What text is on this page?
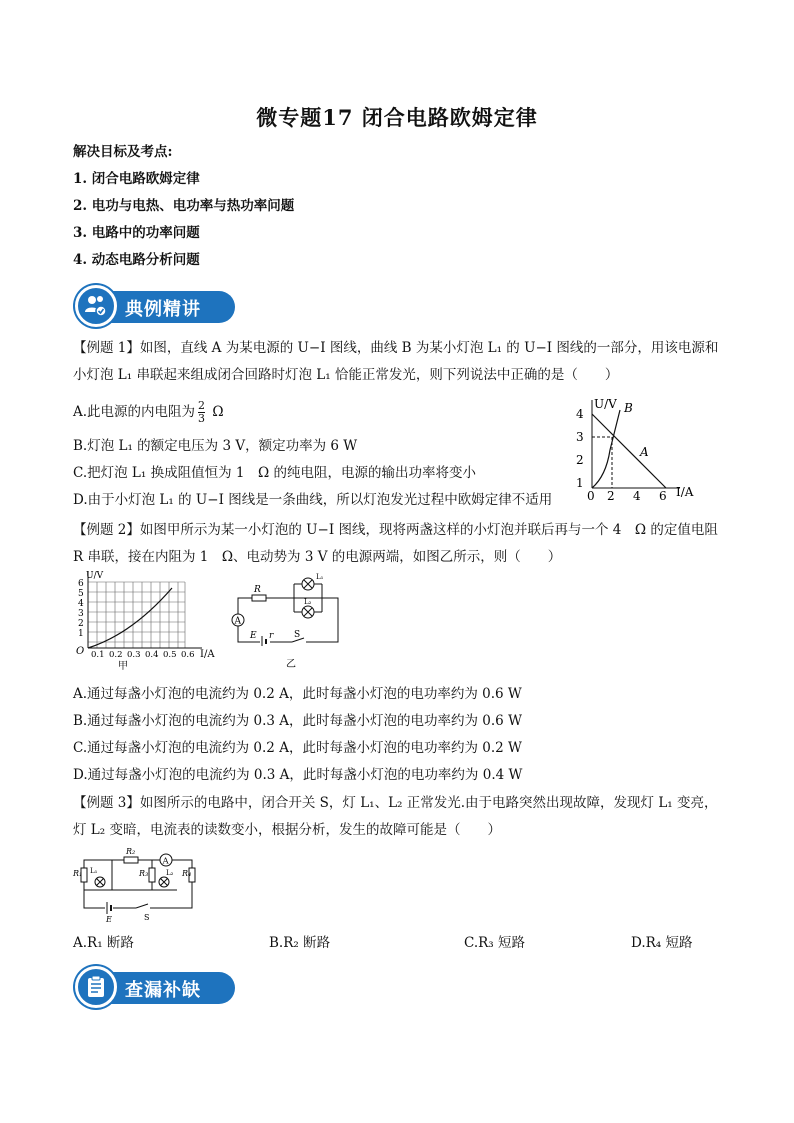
微专题17 闭合电路欧姆定律
解决目标及考点:
1. 闭合电路欧姆定律
2. 电功与电热、电功率与热功率问题
3. 电路中的功率问题
4. 动态电路分析问题
典例精讲
【例题 1】如图，直线 A 为某电源的 U−I 图线，曲线 B 为某小灯泡 L₁ 的 U−I 图线的一部分，用该电源和
小灯泡 L₁ 串联起来组成闭合回路时灯泡 L₁ 恰能正常发光，则下列说法中正确的是（　　）
A.此电源的内电阻为 $\frac{2}{3}$ Ω
B.灯泡 L₁ 的额定电压为 3 V，额定功率为 6 W
C.把灯泡 L₁ 换成阻值恒为 1　Ω 的纯电阻，电源的输出功率将变小
D.由于小灯泡 L₁ 的 U−I 图线是一条曲线，所以灯泡发光过程中欧姆定律不适用
U/V
I/A
4
3
2
1
0 2 4 6
B
A
【例题 2】如图甲所示为某一小灯泡的 U−I 图线，现将两盏这样的小灯泡并联后再与一个 4　Ω 的定值电阻
R 串联，接在内阻为 1　Ω、电动势为 3 V 的电源两端，如图乙所示，则（　　）
U/V
I/A
O
6
5
4
3
2
1
0.1 0.2 0.3 0.4 0.5 0.6
甲
R
L₁
L₂
A
E r S
乙
A.通过每盏小灯泡的电流约为 0.2 A，此时每盏小灯泡的电功率约为 0.6 W
B.通过每盏小灯泡的电流约为 0.3 A，此时每盏小灯泡的电功率约为 0.6 W
C.通过每盏小灯泡的电流约为 0.2 A，此时每盏小灯泡的电功率约为 0.2 W
D.通过每盏小灯泡的电流约为 0.3 A，此时每盏小灯泡的电功率约为 0.4 W
【例题 3】如图所示的电路中，闭合开关 S，灯 L₁、L₂ 正常发光.由于电路突然出现故障，发现灯 L₁ 变亮，
灯 L₂ 变暗，电流表的读数变小，根据分析，发生的故障可能是（　　）
R₁
R₂
A
R₃	R₄
L₁	L₂
E	S
A.R₁ 断路	B.R₂ 断路	C.R₃ 短路	D.R₄ 短路
查漏补缺
